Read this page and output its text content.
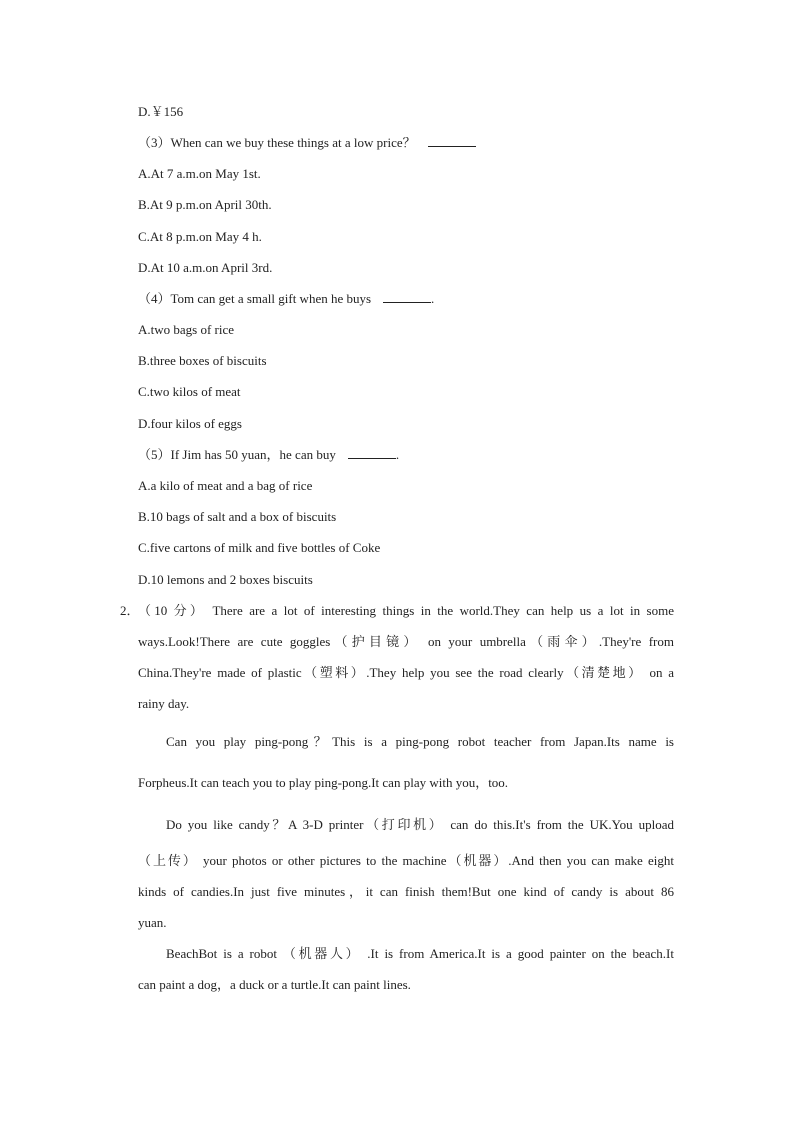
D.￥156
（3）When can we buy these things at a low price？
A.At 7 a.m.on May 1st.
B.At 9 p.m.on April 30th.
C.At 8 p.m.on May 4 h.
D.At 10 a.m.on April 3rd.
（4）Tom can get a small gift when he buys	.
A.two bags of rice
B.three boxes of biscuits
C.two kilos of meat
D.four kilos of eggs
（5）If Jim has 50 yuan，he can buy	.
A.a kilo of meat and a bag of rice
B.10 bags of salt and a box of biscuits
C.five cartons of milk and five bottles of Coke
D.10 lemons and 2 boxes biscuits
2．
（10 分） There are a lot of interesting things in the world.They can help us a lot in some
ways.Look!There are cute goggles（护目镜） on your umbrella（雨伞）.They're from
China.They're made of plastic（塑料）.They help you see the road clearly（清楚地） on a
rainy day.
Can you play ping-pong？This is a ping-pong robot teacher from Japan.Its name is
Forpheus.It can teach you to play ping-pong.It can play with you，too.
Do you like candy？A 3-D printer（打印机） can do this.It's from the UK.You upload
（上传） your photos or other pictures to the machine（机器）.And then you can make eight
kinds of candies.In just five minutes，it can finish them!But one kind of candy is about 86
yuan.
BeachBot is a robot （机器人） .It is from America.It is a good painter on the beach.It
can paint a dog，a duck or a turtle.It can paint lines.
